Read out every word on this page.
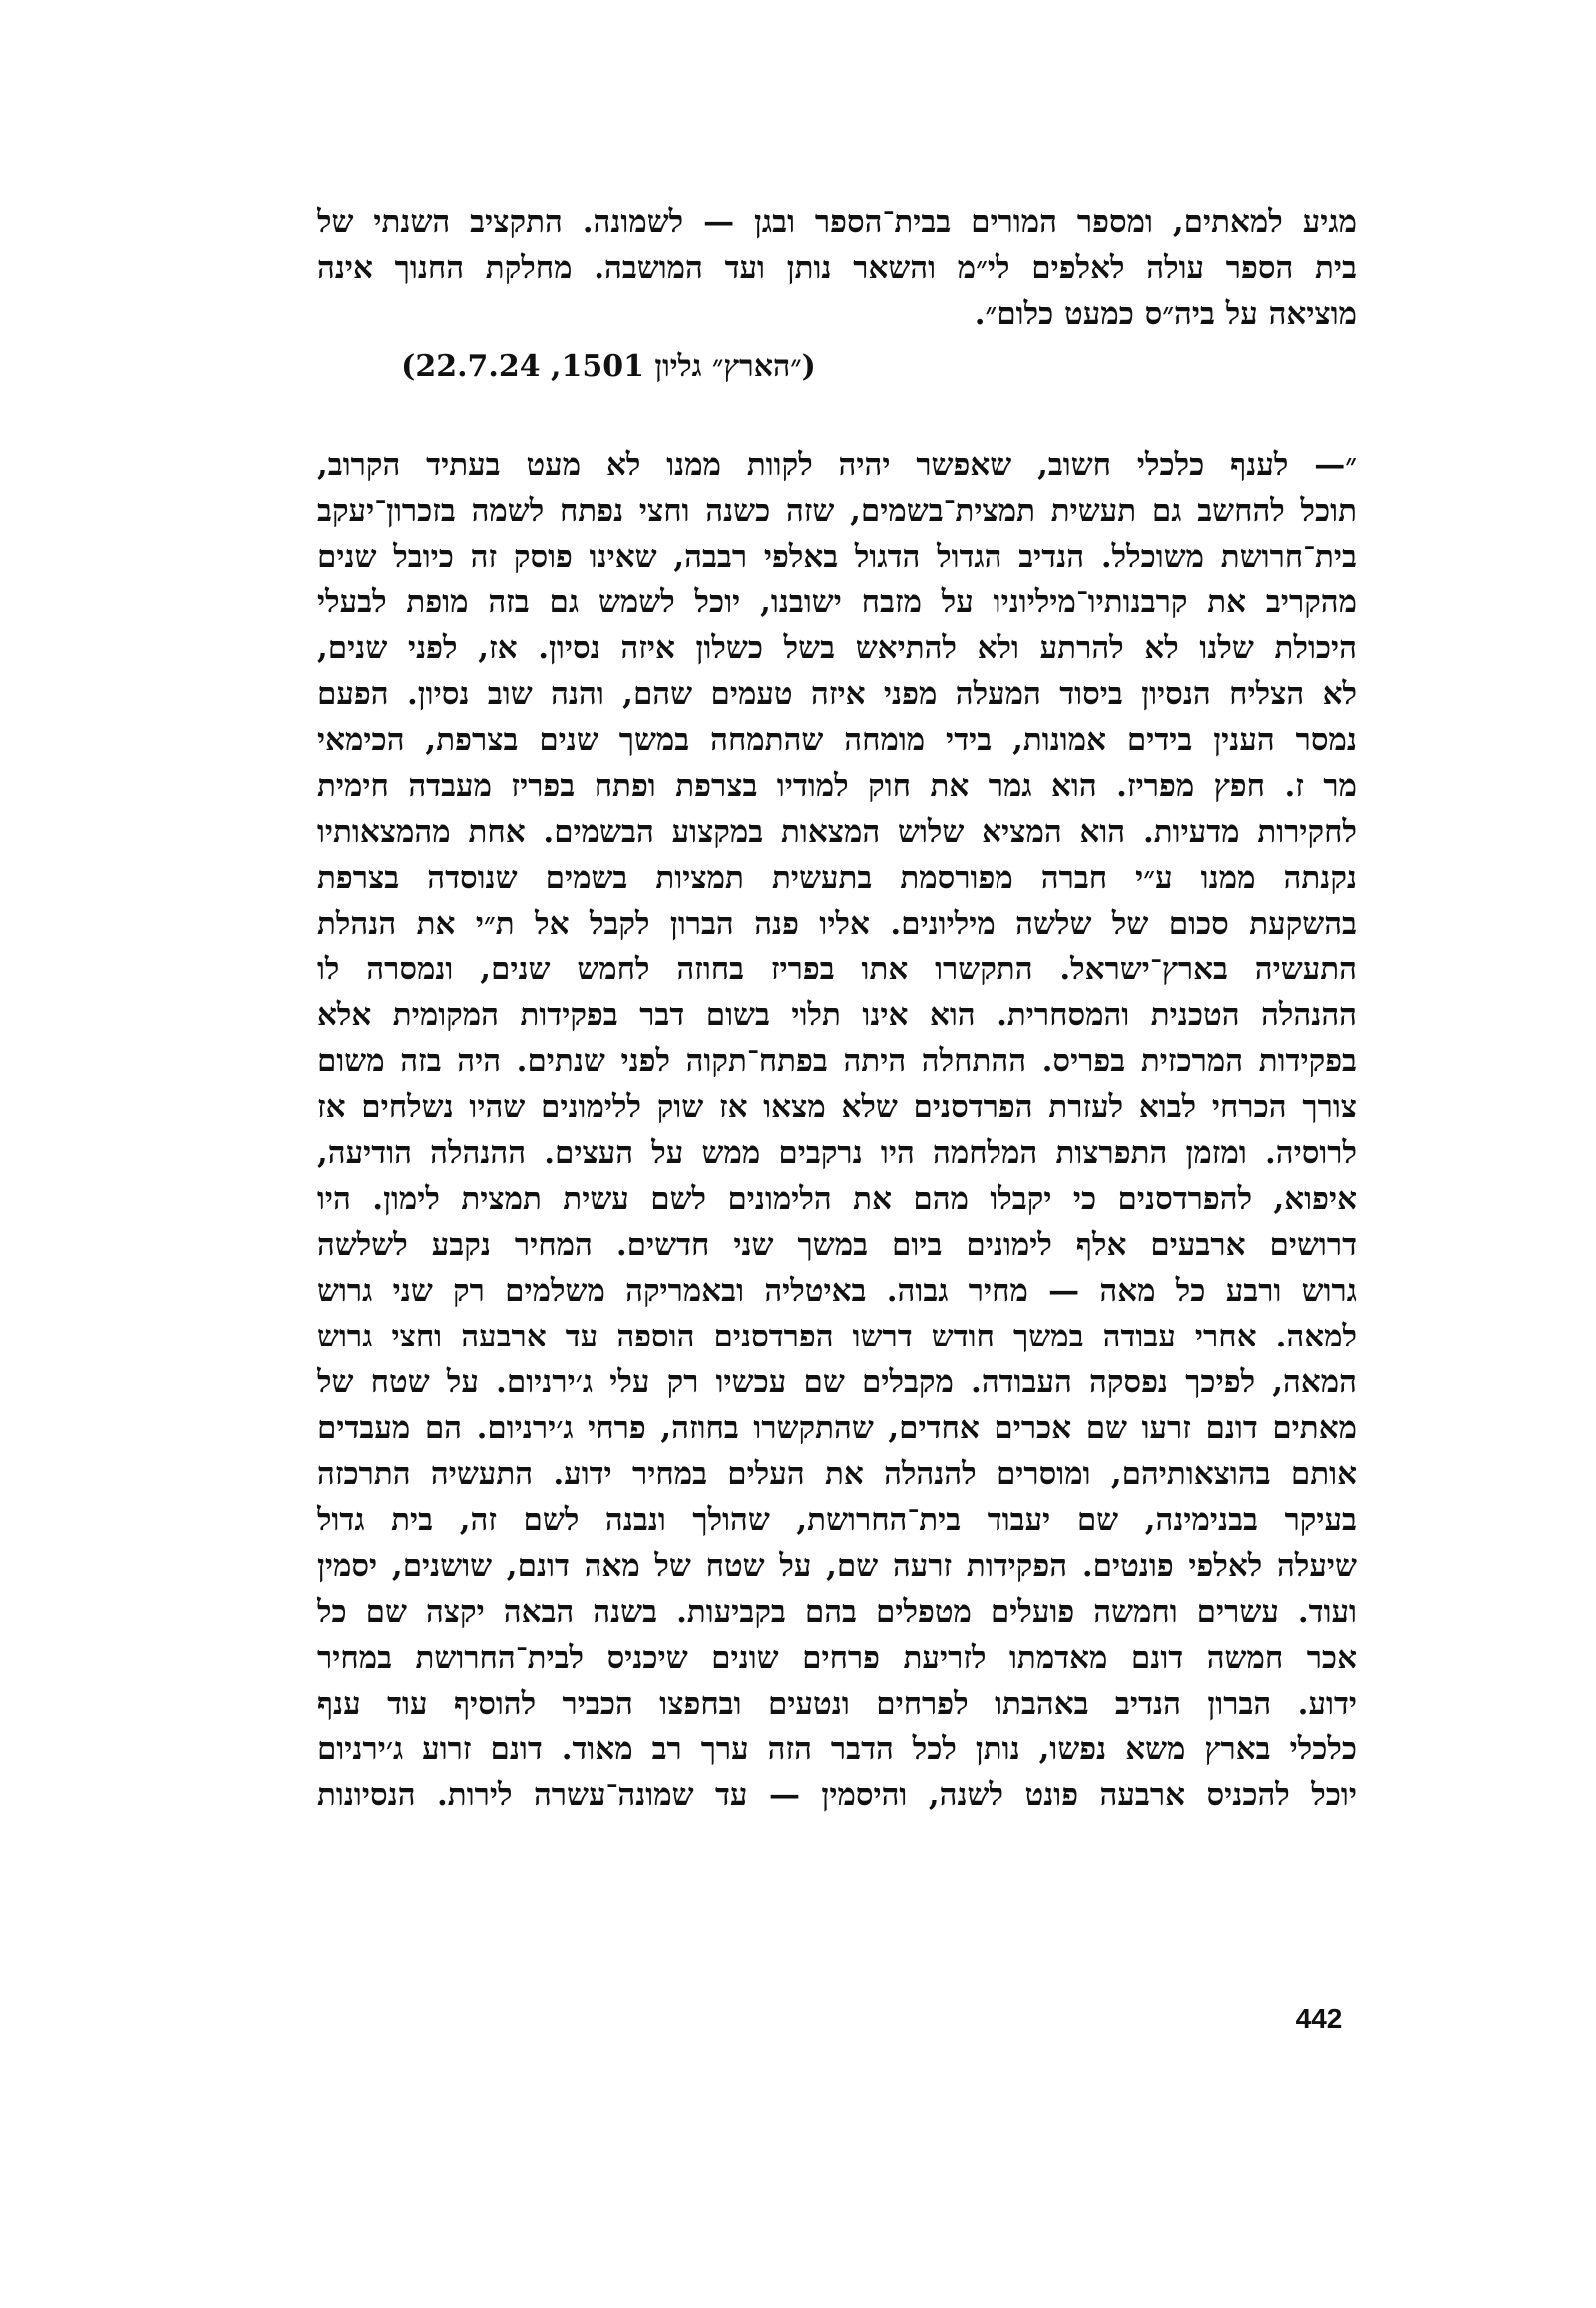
מגיע למאתים, ומספר המורים בבית־הספר ובגן — לשמונה. התקציב השנתי של
בית הספר עולה לאלפים לי״מ והשאר נותן ועד המושבה. מחלקת החנוך אינה
מוציאה על ביה״ס כמעט כלום״.
(״הארץ״ גליון 1501, 22.7.24)
״— לענף כלכלי חשוב, שאפשר יהיה לקוות ממנו לא מעט בעתיד הקרוב,
תוכל להחשב גם תעשית תמצית־בשמים, שזה כשנה וחצי נפתח לשמה בזכרון־יעקב
בית־חרושת משוכלל. הנדיב הגדול הדגול באלפי רבבה, שאינו פוסק זה כיובל שנים
מהקריב את קרבנותיו־מיליוניו על מזבח ישובנו, יוכל לשמש גם בזה מופת לבעלי
היכולת שלנו לא להרתע ולא להתיאש בשל כשלון איזה נסיון. אז, לפני שנים,
לא הצליח הנסיון ביסוד המעלה מפני איזה טעמים שהם, והנה שוב נסיון. הפעם
נמסר הענין בידים אמונות, בידי מומחה שהתמחה במשך שנים בצרפת, הכימאי
מר ז. חפץ מפריז. הוא גמר את חוק למודיו בצרפת ופתח בפריז מעבדה חימית
לחקירות מדעיות. הוא המציא שלוש המצאות במקצוע הבשמים. אחת מהמצאותיו
נקנתה ממנו ע״י חברה מפורסמת בתעשית תמציות בשמים שנוסדה בצרפת
בהשקעת סכום של שלשה מיליונים. אליו פנה הברון לקבל אל ת״י את הנהלת
התעשיה בארץ־ישראל. התקשרו אתו בפריז בחוזה לחמש שנים, ונמסרה לו
ההנהלה הטכנית והמסחרית. הוא אינו תלוי בשום דבר בפקידות המקומית אלא
בפקידות המרכזית בפריס. ההתחלה היתה בפתח־תקוה לפני שנתים. היה בזה משום
צורך הכרחי לבוא לעזרת הפרדסנים שלא מצאו אז שוק ללימונים שהיו נשלחים אז
לרוסיה. ומזמן התפרצות המלחמה היו נרקבים ממש על העצים. ההנהלה הודיעה,
איפוא, להפרדסנים כי יקבלו מהם את הלימונים לשם עשית תמצית לימון. היו
דרושים ארבעים אלף לימונים ביום במשך שני חדשים. המחיר נקבע לשלשה
גרוש ורבע כל מאה — מחיר גבוה. באיטליה ובאמריקה משלמים רק שני גרוש
למאה. אחרי עבודה במשך חודש דרשו הפרדסנים הוספה עד ארבעה וחצי גרוש
המאה, לפיכך נפסקה העבודה. מקבלים שם עכשיו רק עלי ג׳ירניום. על שטח של
מאתים דונם זרעו שם אכרים אחדים, שהתקשרו בחוזה, פרחי ג׳ירניום. הם מעבדים
אותם בהוצאותיהם, ומוסרים להנהלה את העלים במחיר ידוע. התעשיה התרכזה
בעיקר בבנימינה, שם יעבוד בית־החרושת, שהולך ונבנה לשם זה, בית גדול
שיעלה לאלפי פונטים. הפקידות זרעה שם, על שטח של מאה דונם, שושנים, יסמין
ועוד. עשרים וחמשה פועלים מטפלים בהם בקביעות. בשנה הבאה יקצה שם כל
אכר חמשה דונם מאדמתו לזריעת פרחים שונים שיכניס לבית־החרושת במחיר
ידוע. הברון הנדיב באהבתו לפרחים ונטעים ובחפצו הכביר להוסיף עוד ענף
כלכלי בארץ משא נפשו, נותן לכל הדבר הזה ערך רב מאוד. דונם זרוע ג׳ירניום
יוכל להכניס ארבעה פונט לשנה, והיסמין — עד שמונה־עשרה לירות. הנסיונות
442
